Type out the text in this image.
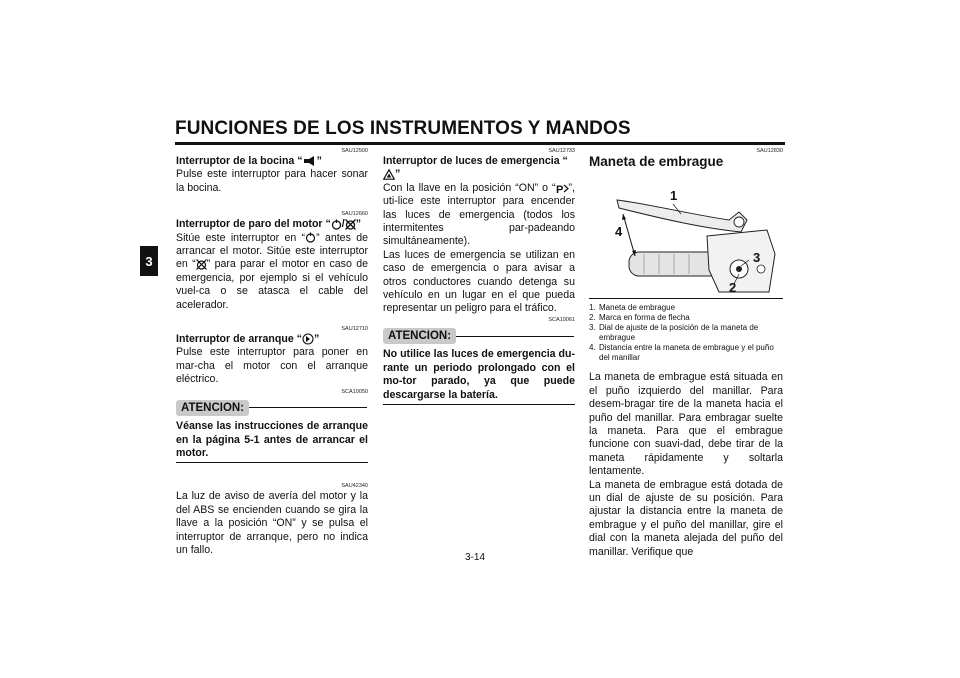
FUNCIONES DE LOS INSTRUMENTOS Y MANDOS
3
SAU12500
Interruptor de la bocina “ ”

Pulse este interruptor para hacer sonar la bocina.

SAU12660
Interruptor de paro del motor “ / ”

Sitúe este interruptor en “ ” antes de arrancar el motor. Sitúe este interruptor en “ ” para parar el motor en caso de emergencia, por ejemplo si el vehículo vuel-ca o se atasca el cable del acelerador.

SAU12710
Interruptor de arranque “ ”

Pulse este interruptor para poner en mar-cha el motor con el arranque eléctrico.

SCA10050
ATENCION:
Véanse las instrucciones de arranque en la página 5-1 antes de arrancar el motor.
SAU42340

La luz de aviso de avería del motor y la del ABS se encienden cuando se gira la llave a la posición “ON” y se pulsa el interruptor de arranque, pero no indica un fallo.

SAU12733
Interruptor de luces de emergencia “”

Con la llave en la posición “ON” o “ P ”, uti-lice este interruptor para encender las luces de emergencia (todos los intermitentes par-padeando simultáneamente).

Las luces de emergencia se utilizan en caso de emergencia o para avisar a otros conductores cuando detenga su vehículo en un lugar en el que pueda representar un peligro para el tráfico.

SCA10061
ATENCION:
No utilice las luces de emergencia du-rante un periodo prolongado con el mo-tor parado, ya que puede descargarse la batería.
SAU12830
Maneta de embrague
1
2
3
4
1. Maneta de embrague
2. Marca en forma de flecha
3. Dial de ajuste de la posición de la maneta de embrague
4. Distancia entre la maneta de embrague y el puño del manillar

La maneta de embrague está situada en el puño izquierdo del manillar. Para desem-bragar tire de la maneta hacia el puño del manillar. Para embragar suelte la maneta. Para que el embrague funcione con suavi-dad, debe tirar de la maneta rápidamente y soltarla lentamente.

La maneta de embrague está dotada de un dial de ajuste de su posición. Para ajustar la distancia entre la maneta de embrague y el puño del manillar, gire el dial con la maneta alejada del puño del manillar. Verifique que

3-14
